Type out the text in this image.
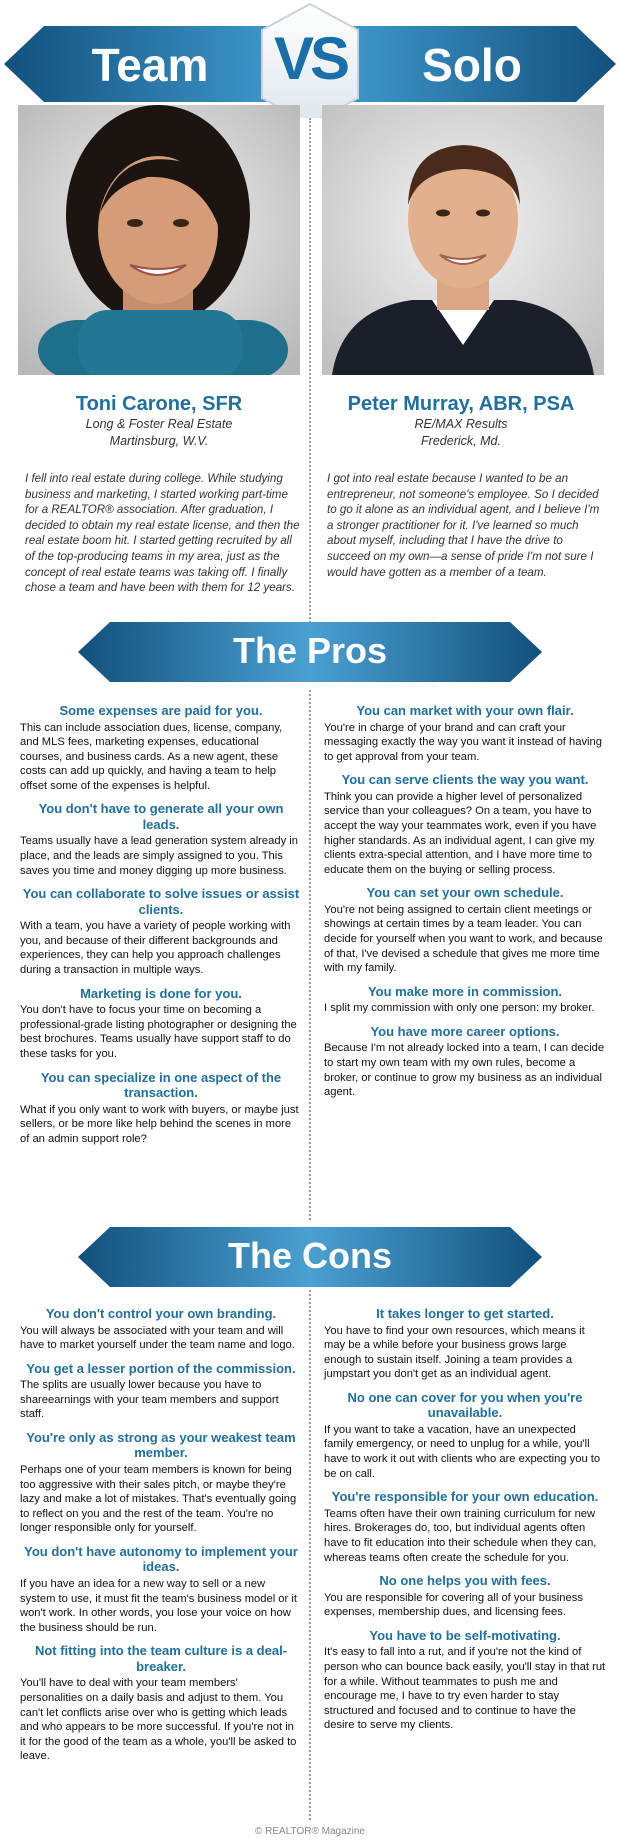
Team	VS	Solo
Toni Carone, SFR
Long & Foster Real Estate
Martinsburg, W.V.
Peter Murray, ABR, PSA
RE/MAX Results
Frederick, Md.
I fell into real estate during college. While studying business and marketing, I started working part-time for a REALTOR® association. After graduation, I decided to obtain my real estate license, and then the real estate boom hit. I started getting recruited by all of the top-producing teams in my area, just as the concept of real estate teams was taking off. I finally chose a team and have been with them for 12 years.
I got into real estate because I wanted to be an entrepreneur, not someone's employee. So I decided to go it alone as an individual agent, and I believe I'm a stronger practitioner for it. I've learned so much about myself, including that I have the drive to succeed on my own—a sense of pride I'm not sure I would have gotten as a member of a team.
The Pros
Some expenses are paid for you.
This can include association dues, license, company, and MLS fees, marketing expenses, educational courses, and business cards. As a new agent, these costs can add up quickly, and having a team to help offset some of the expenses is helpful.
You don't have to generate all your own leads.
Teams usually have a lead generation system already in place, and the leads are simply assigned to you. This saves you time and money digging up more business.
You can collaborate to solve issues or assist clients.
With a team, you have a variety of people working with you, and because of their different backgrounds and experiences, they can help you approach challenges during a transaction in multiple ways.
Marketing is done for you.
You don't have to focus your time on becoming a professional-grade listing photographer or designing the best brochures. Teams usually have support staff to do these tasks for you.
You can specialize in one aspect of the transaction.
What if you only want to work with buyers, or maybe just sellers, or be more like help behind the scenes in more of an admin support role?
You can market with your own flair.
You're in charge of your brand and can craft your messaging exactly the way you want it instead of having to get approval from your team.
You can serve clients the way you want.
Think you can provide a higher level of personalized service than your colleagues? On a team, you have to accept the way your teammates work, even if you have higher standards. As an individual agent, I can give my clients extra-special attention, and I have more time to educate them on the buying or selling process.
You can set your own schedule.
You're not being assigned to certain client meetings or showings at certain times by a team leader. You can decide for yourself when you want to work, and because of that, I've devised a schedule that gives me more time with my family.
You make more in commission.
I split my commission with only one person: my broker.
You have more career options.
Because I'm not already locked into a team, I can decide to start my own team with my own rules, become a broker, or continue to grow my business as an individual agent.
The Cons
You don't control your own branding.
You will always be associated with your team and will have to market yourself under the team name and logo.
You get a lesser portion of the commission.
The splits are usually lower because you have to shareearnings with your team members and support staff.
You're only as strong as your weakest team member.
Perhaps one of your team members is known for being too aggressive with their sales pitch, or maybe they're lazy and make a lot of mistakes. That's eventually going to reflect on you and the rest of the team. You're no longer responsible only for yourself.
You don't have autonomy to implement your ideas.
If you have an idea for a new way to sell or a new system to use, it must fit the team's business model or it won't work. In other words, you lose your voice on how the business should be run.
Not fitting into the team culture is a deal-breaker.
You'll have to deal with your team members' personalities on a daily basis and adjust to them. You can't let conflicts arise over who is getting which leads and who appears to be more successful. If you're not in it for the good of the team as a whole, you'll be asked to leave.
It takes longer to get started.
You have to find your own resources, which means it may be a while before your business grows large enough to sustain itself. Joining a team provides a jumpstart you don't get as an individual agent.
No one can cover for you when you're unavailable.
If you want to take a vacation, have an unexpected family emergency, or need to unplug for a while, you'll have to work it out with clients who are expecting you to be on call.
You're responsible for your own education.
Teams often have their own training curriculum for new hires. Brokerages do, too, but individual agents often have to fit education into their schedule when they can, whereas teams often create the schedule for you.
No one helps you with fees.
You are responsible for covering all of your business expenses, membership dues, and licensing fees.
You have to be self-motivating.
It's easy to fall into a rut, and if you're not the kind of person who can bounce back easily, you'll stay in that rut for a while. Without teammates to push me and encourage me, I have to try even harder to stay structured and focused and to continue to have the desire to serve my clients.
© REALTOR® Magazine
